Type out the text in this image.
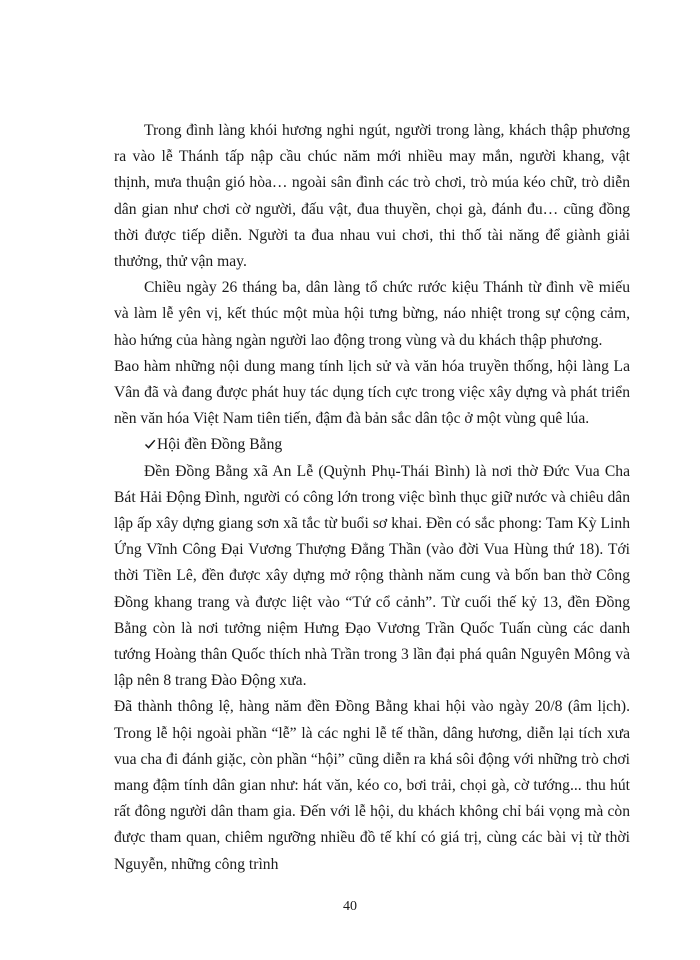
Trong đình làng khói hương nghi ngút, người trong làng, khách thập phương ra vào lễ Thánh tấp nập cầu chúc năm mới nhiều may mắn, người khang, vật thịnh, mưa thuận gió hòa… ngoài sân đình các trò chơi, trò múa kéo chữ, trò diễn dân gian như chơi cờ người, đấu vật, đua thuyền, chọi gà, đánh đu… cũng đồng thời được tiếp diễn. Người ta đua nhau vui chơi, thi thố tài năng để giành giải thưởng, thử vận may.

Chiều ngày 26 tháng ba, dân làng tổ chức rước kiệu Thánh từ đình về miếu và làm lễ yên vị, kết thúc một mùa hội tưng bừng, náo nhiệt trong sự cộng cảm, hào hứng của hàng ngàn người lao động trong vùng và du khách thập phương.

Bao hàm những nội dung mang tính lịch sử và văn hóa truyền thống, hội làng La Vân đã và đang được phát huy tác dụng tích cực trong việc xây dựng và phát triển nền văn hóa Việt Nam tiên tiến, đậm đà bản sắc dân tộc ở một vùng quê lúa.

Hội đền Đồng Bằng

Đền Đồng Bằng xã An Lễ (Quỳnh Phụ-Thái Bình) là nơi thờ Đức Vua Cha Bát Hải Động Đình, người có công lớn trong việc bình thục giữ nước và chiêu dân lập ấp xây dựng giang sơn xã tắc từ buổi sơ khai. Đền có sắc phong: Tam Kỳ Linh Ứng Vĩnh Công Đại Vương Thượng Đẳng Thần (vào đời Vua Hùng thứ 18). Tới thời Tiền Lê, đền được xây dựng mở rộng thành năm cung và bốn ban thờ Công Đồng khang trang và được liệt vào “Tứ cổ cảnh”. Từ cuối thế kỷ 13, đền Đồng Bằng còn là nơi tưởng niệm Hưng Đạo Vương Trần Quốc Tuấn cùng các danh tướng Hoàng thân Quốc thích nhà Trần trong 3 lần đại phá quân Nguyên Mông và lập nên 8 trang Đào Động xưa.

Đã thành thông lệ, hàng năm đền Đồng Bằng khai hội vào ngày 20/8 (âm lịch). Trong lễ hội ngoài phần “lễ” là các nghi lễ tế thần, dâng hương, diễn lại tích xưa vua cha đi đánh giặc, còn phần “hội” cũng diễn ra khá sôi động với những trò chơi mang đậm tính dân gian như: hát văn, kéo co, bơi trải, chọi gà, cờ tướng... thu hút rất đông người dân tham gia. Đến với lễ hội, du khách không chỉ bái vọng mà còn được tham quan, chiêm ngưỡng nhiều đồ tế khí có giá trị, cùng các bài vị từ thời Nguyễn, những công trình

40
